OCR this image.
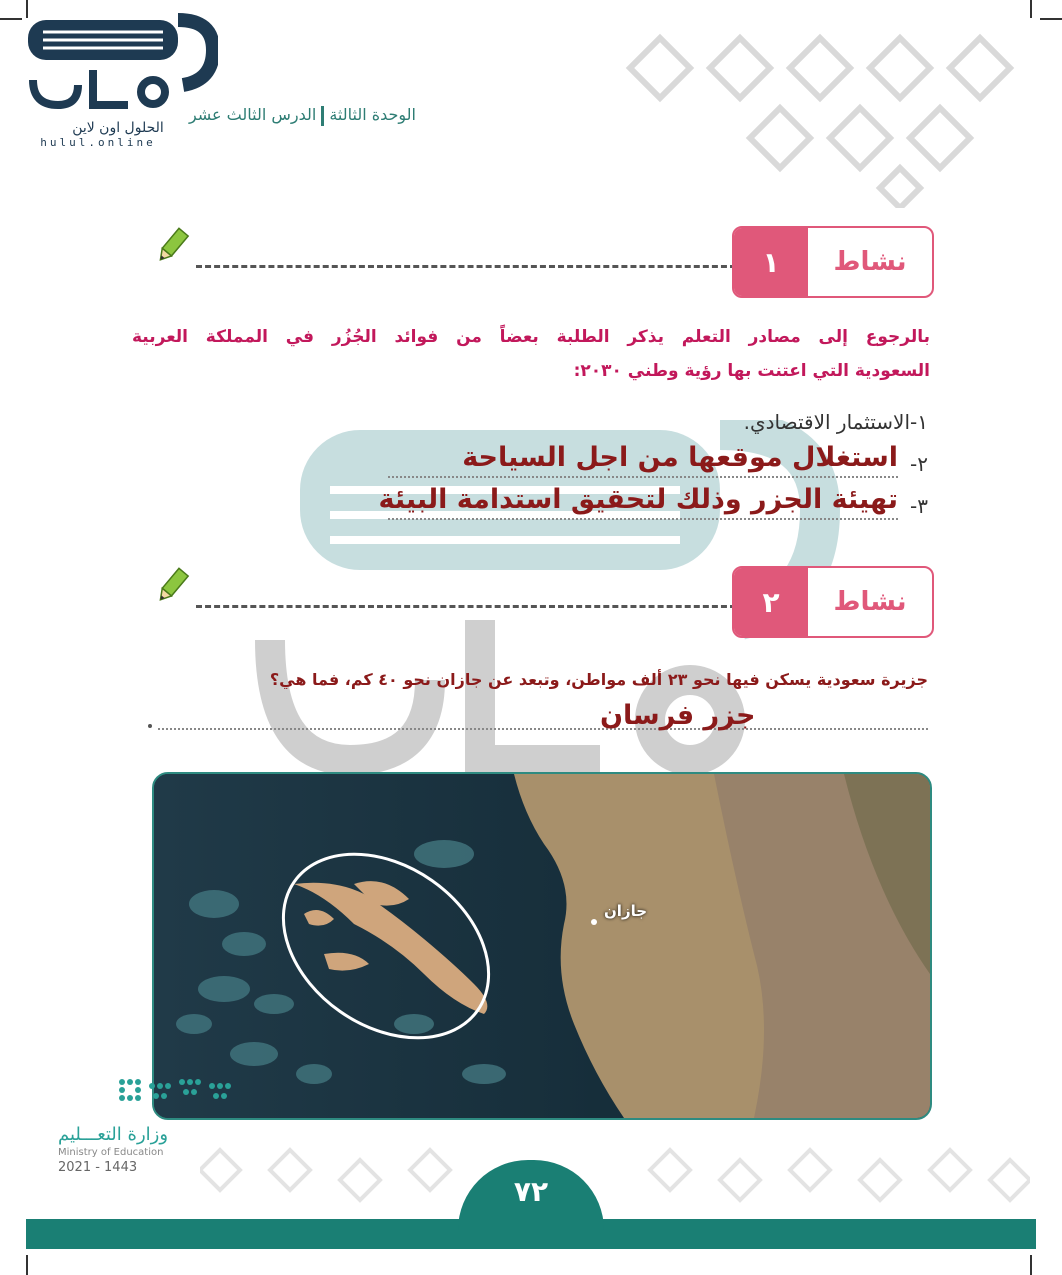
الحلول اون لاين
hulul.online
الوحدة الثالثةالدرس الثالث عشر
١	نشاط
بالرجوع إلى مصادر التعلم يذكر الطلبة بعضاً من فوائد الجُزُر في المملكة العربية
السعودية التي اعتنت بها رؤية وطني ٢٠٣٠:
١-الاستثمار الاقتصادي.
٢-
استغلال موقعها من اجل السياحة
٣-
تهيئة الجزر وذلك لتحقيق استدامة البيئة
٢	نشاط
جزيرة سعودية يسكن فيها نحو ٢٣ ألف مواطن، وتبعد عن جازان نحو ٤٠ كم، فما هي؟
جزر فرسان
جازان
وزارة التعـــليم
Ministry of Education
2021 - 1443
٧٢
